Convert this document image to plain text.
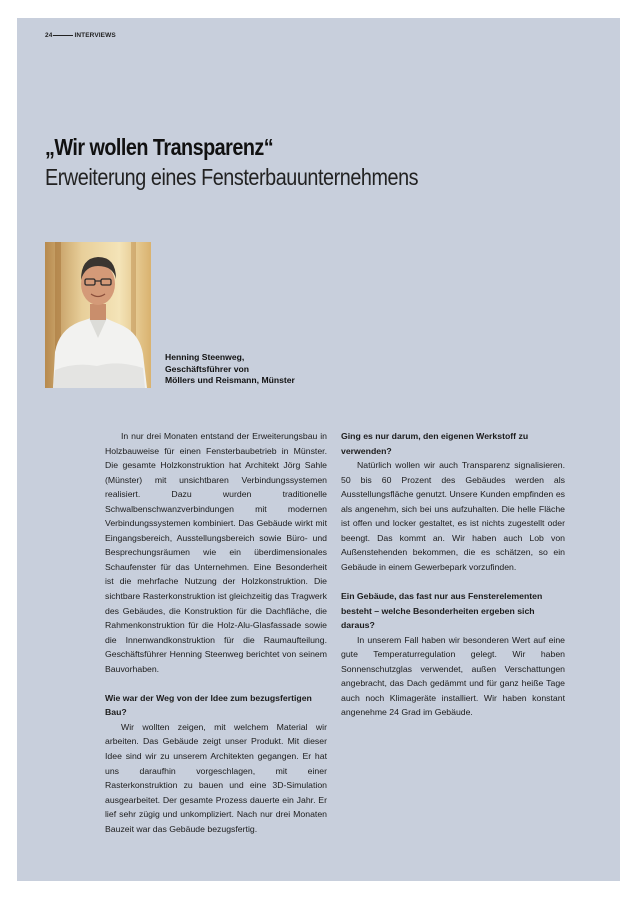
24	INTERVIEWS
„Wir wollen Transparenz“
Erweiterung eines Fensterbauunternehmens
Henning Steenweg,
Geschäftsführer von
Möllers und Reismann, Münster

In nur drei Monaten entstand der Erweiterungsbau in Holzbauweise für einen Fensterbaubetrieb in Münster. Die gesamte Holzkonstruktion hat Architekt Jörg Sahle (Münster) mit unsichtbaren Verbindungssystemen realisiert. Dazu wurden traditionelle Schwalbenschwanzverbindungen mit modernen Verbindungssystemen kombiniert. Das Gebäude wirkt mit Eingangsbereich, Ausstellungsbereich sowie Büro- und Besprechungsräumen wie ein überdimensionales Schaufenster für das Unternehmen. Eine Besonderheit ist die mehrfache Nutzung der Holzkonstruktion. Die sichtbare Rasterkonstruktion ist gleichzeitig das Tragwerk des Gebäudes, die Konstruktion für die Dachfläche, die Rahmenkonstruktion für die Holz-Alu-Glasfassade sowie die Innenwandkonstruktion für die Raumaufteilung. Geschäftsführer Henning Steenweg berichtet von seinem Bauvorhaben.

Wie war der Weg von der Idee zum bezugsfertigen Bau?

Wir wollten zeigen, mit welchem Material wir arbeiten. Das Gebäude zeigt unser Produkt. Mit dieser Idee sind wir zu unserem Architekten gegangen. Er hat uns daraufhin vorgeschlagen, mit einer Rasterkonstruktion zu bauen und eine 3D-Simulation ausgearbeitet. Der gesamte Prozess dauerte ein Jahr. Er lief sehr zügig und unkompliziert. Nach nur drei Monaten Bauzeit war das Gebäude bezugsfertig.

Ging es nur darum, den eigenen Werkstoff zu verwenden?

Natürlich wollen wir auch Transparenz signalisieren. 50 bis 60 Prozent des Gebäudes werden als Ausstellungsfläche genutzt. Unsere Kunden empfinden es als angenehm, sich bei uns aufzuhalten. Die helle Fläche ist offen und locker gestaltet, es ist nichts zugestellt oder beengt. Das kommt an. Wir haben auch Lob von Außenstehenden bekommen, die es schätzen, so ein Gebäude in einem Gewerbepark vorzufinden.

Ein Gebäude, das fast nur aus Fensterelementen besteht – welche Besonderheiten ergeben sich daraus?

In unserem Fall haben wir besonderen Wert auf eine gute Temperaturregulation gelegt. Wir haben Sonnenschutzglas verwendet, außen Verschattungen angebracht, das Dach gedämmt und für ganz heiße Tage auch noch Klimageräte installiert. Wir haben konstant angenehme 24 Grad im Gebäude.
